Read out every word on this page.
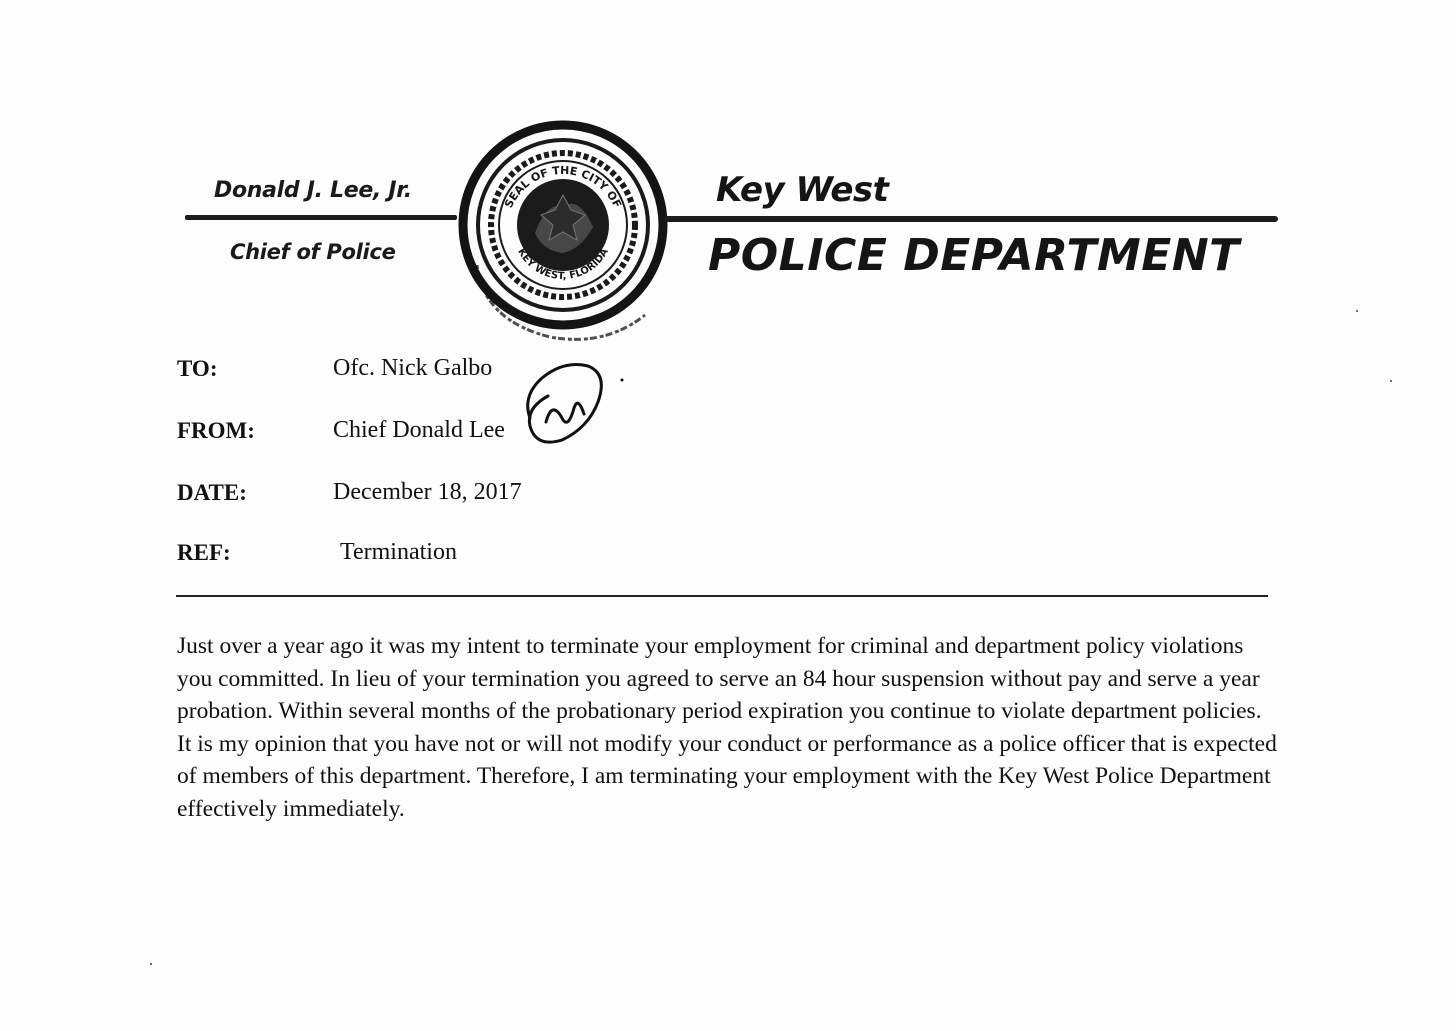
Donald J. Lee, Jr.
Chief of Police
SEAL OF THE CITY OF
KEY WEST, FLORIDA
Key West
POLICE DEPARTMENT
TO:	Ofc. Nick Galbo
FROM:	Chief Donald Lee
DATE:	December 18, 2017
REF:	Termination

Just over a year ago it was my intent to terminate your employment for criminal and department policy violations you committed. In lieu of your termination you agreed to serve an 84 hour suspension without pay and serve a year probation. Within several months of the probationary period expiration you continue to violate department policies. It is my opinion that you have not or will not modify your conduct or performance as a police officer that is expected of members of this department. Therefore, I am terminating your employment with the Key West Police Department effectively immediately.
